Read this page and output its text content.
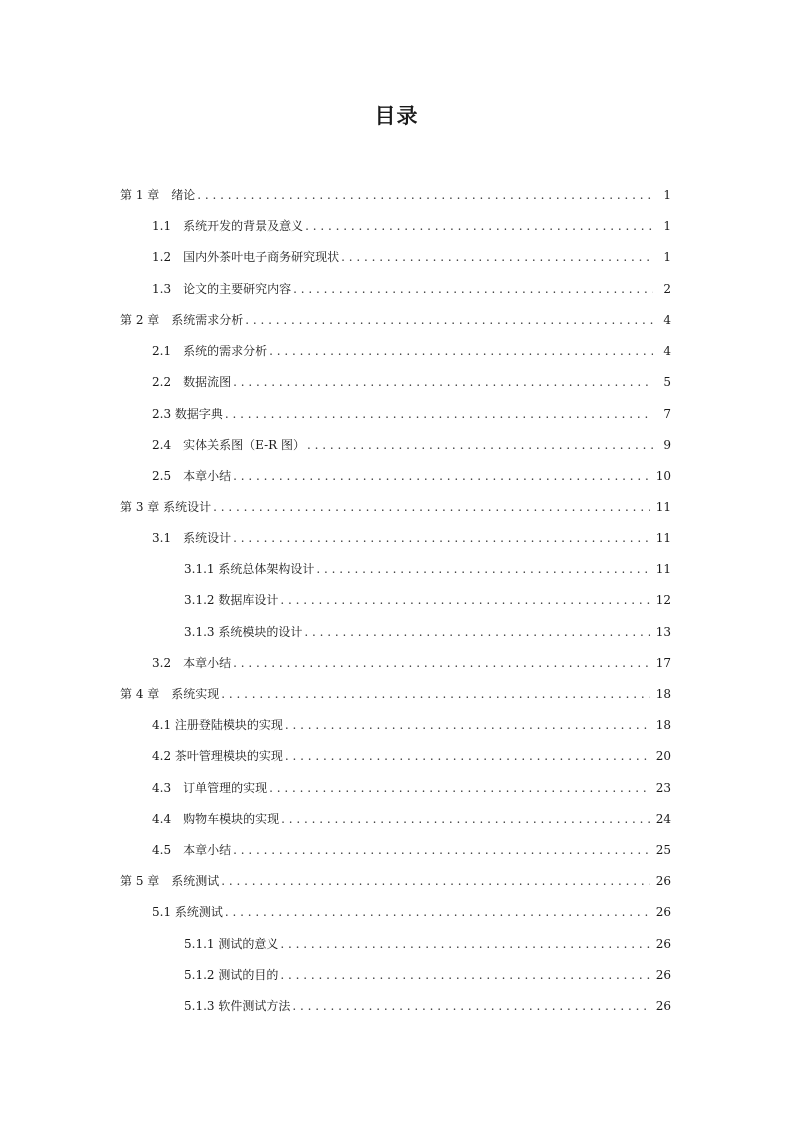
目录
第 1 章　绪论 . . .	1
1.1　系统开发的背景及意义 . . .	1
1.2　国内外茶叶电子商务研究现状 . . .	1
1.3　论文的主要研究内容 . . .	2
第 2 章　系统需求分析 . . .	4
2.1　系统的需求分析 . . .	4
2.2　数据流图 . . .	5
2.3 数据字典 . . .	7
2.4　实体关系图（E-R 图） . . .	9
2.5　本章小结 . . .	10
第 3 章 系统设计 . . .	11
3.1　系统设计 . . .	11
3.1.1 系统总体架构设计 . . .	11
3.1.2 数据库设计 . . .	12
3.1.3 系统模块的设计 . . .	13
3.2　本章小结 . . .	17
第 4 章　系统实现 . . .	18
4.1 注册登陆模块的实现 . . .	18
4.2 茶叶管理模块的实现 . . .	20
4.3　订单管理的实现 . . .	23
4.4　购物车模块的实现 . . .	24
4.5　本章小结 . . .	25
第 5 章　系统测试 . . .	26
5.1 系统测试 . . .	26
5.1.1 测试的意义 . . .	26
5.1.2 测试的目的 . . .	26
5.1.3 软件测试方法 . . .	26
